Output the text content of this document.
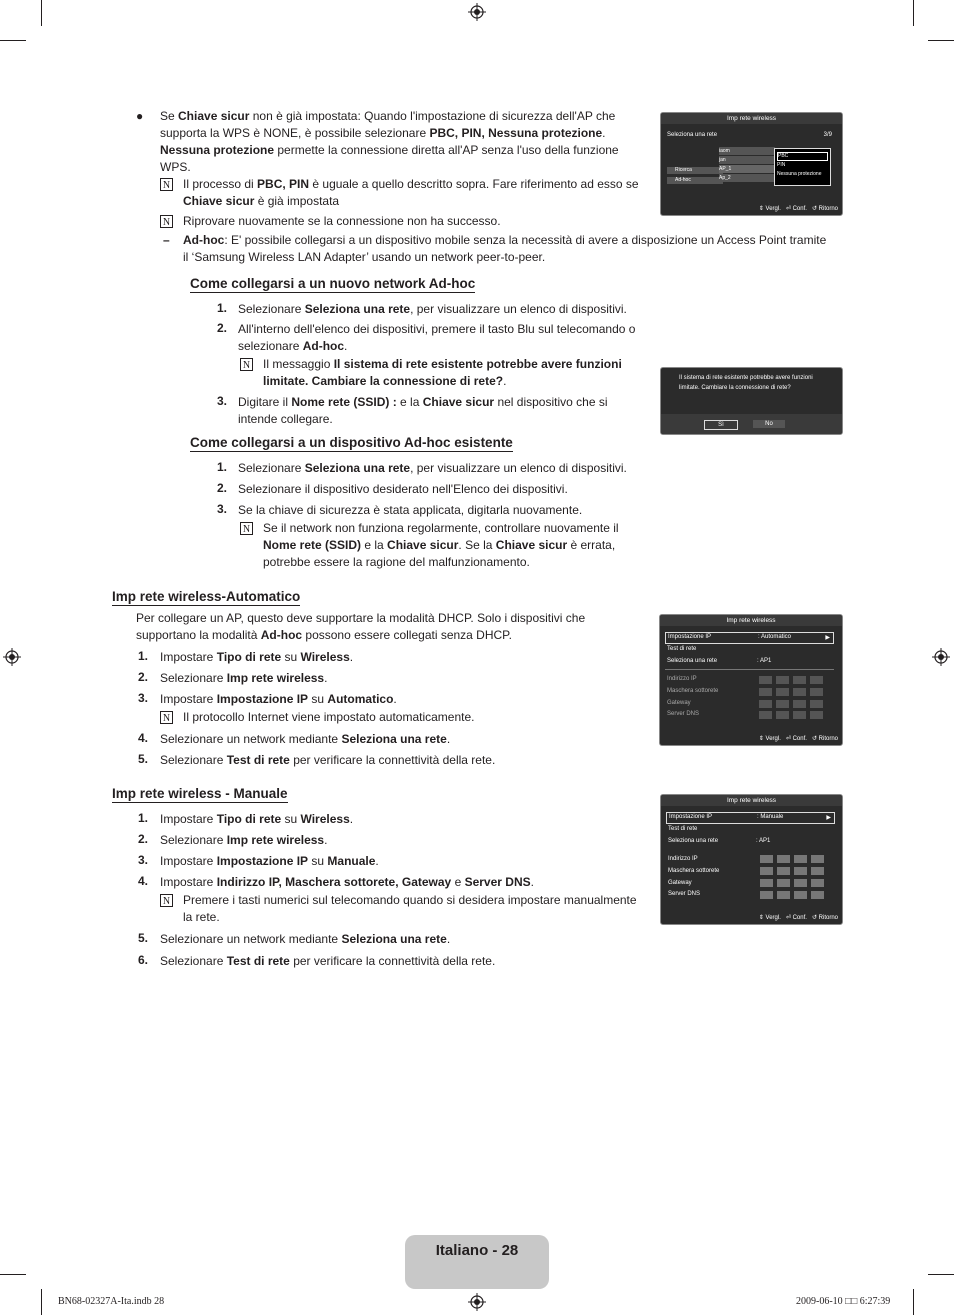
● Se Chiave sicur non è già impostata: Quando l'impostazione di sicurezza dell'AP che
supporta la WPS è NONE, è possibile selezionare PBC, PIN, Nessuna protezione.
Nessuna protezione permette la connessione diretta all'AP senza l'uso della funzione
WPS.
N Il processo di PBC, PIN è uguale a quello descritto sopra. Fare riferimento ad esso se
Chiave sicur è già impostata
N Riprovare nuovamente se la connessione non ha successo.
– Ad-hoc: E' possibile collegarsi a un dispositivo mobile senza la necessità di avere a disposizione un Access Point tramite
il ‘Samsung Wireless LAN Adapter’ usando un network peer-to-peer.
Imp rete wireless
Seleziona una rete	3/9
Ricerca
Ad-hoc
iaom
jan
AP_1
Ap_2
PBC
PIN
Nessuna protezione
⇕ Vergl. ⏎ Conf. ↺ Ritorno
Come collegarsi a un nuovo network Ad-hoc
1. Selezionare Seleziona una rete, per visualizzare un elenco di dispositivi.
2. All'interno dell'elenco dei dispositivi, premere il tasto Blu sul telecomando o
selezionare Ad-hoc.
N Il messaggio Il sistema di rete esistente potrebbe avere funzioni
limitate. Cambiare la connessione di rete?.
3. Digitare il Nome rete (SSID) : e la Chiave sicur nel dispositivo che si
intende collegare.
Il sistema di rete esistente potrebbe avere funzioni
limitate. Cambiare la connessione di rete?
Sì	No
Come collegarsi a un dispositivo Ad-hoc esistente
1. Selezionare Seleziona una rete, per visualizzare un elenco di dispositivi.
2. Selezionare il dispositivo desiderato nell'Elenco dei dispositivi.
3. Se la chiave di sicurezza è stata applicata, digitarla nuovamente.
N Se il network non funziona regolarmente, controllare nuovamente il
Nome rete (SSID) e la Chiave sicur. Se la Chiave sicur è errata,
potrebbe essere la ragione del malfunzionamento.
Imp rete wireless-Automatico
Per collegare un AP, questo deve supportare la modalità DHCP. Solo i dispositivi che
supportano la modalità Ad-hoc possono essere collegati senza DHCP.
1. Impostare Tipo di rete su Wireless.
2. Selezionare Imp rete wireless.
3. Impostare Impostazione IP su Automatico.
N Il protocollo Internet viene impostato automaticamente.
4. Selezionare un network mediante Seleziona una rete.
5. Selezionare Test di rete per verificare la connettività della rete.
Imp rete wireless
Impostazione IP	: Automatico	▶
Test di rete
Seleziona una rete	: AP1
Indirizzo IP
Maschera sottorete
Gateway
Server DNS
⇕ Vergl. ⏎ Conf. ↺ Ritorno
Imp rete wireless - Manuale
1. Impostare Tipo di rete su Wireless.
2. Selezionare Imp rete wireless.
3. Impostare Impostazione IP su Manuale.
4. Impostare Indirizzo IP, Maschera sottorete, Gateway e Server DNS.
N Premere i tasti numerici sul telecomando quando si desidera impostare manualmente
la rete.
5. Selezionare un network mediante Seleziona una rete.
6. Selezionare Test di rete per verificare la connettività della rete.
Imp rete wireless
Impostazione IP	: Manuale	▶
Test di rete
Seleziona una rete	: AP1
Indirizzo IP
Maschera sottorete
Gateway
Server DNS
⇕ Vergl. ⏎ Conf. ↺ Ritorno
Italiano - 28
BN68-02327A-Ita.indb 28	2009-06-10 □□ 6:27:39
